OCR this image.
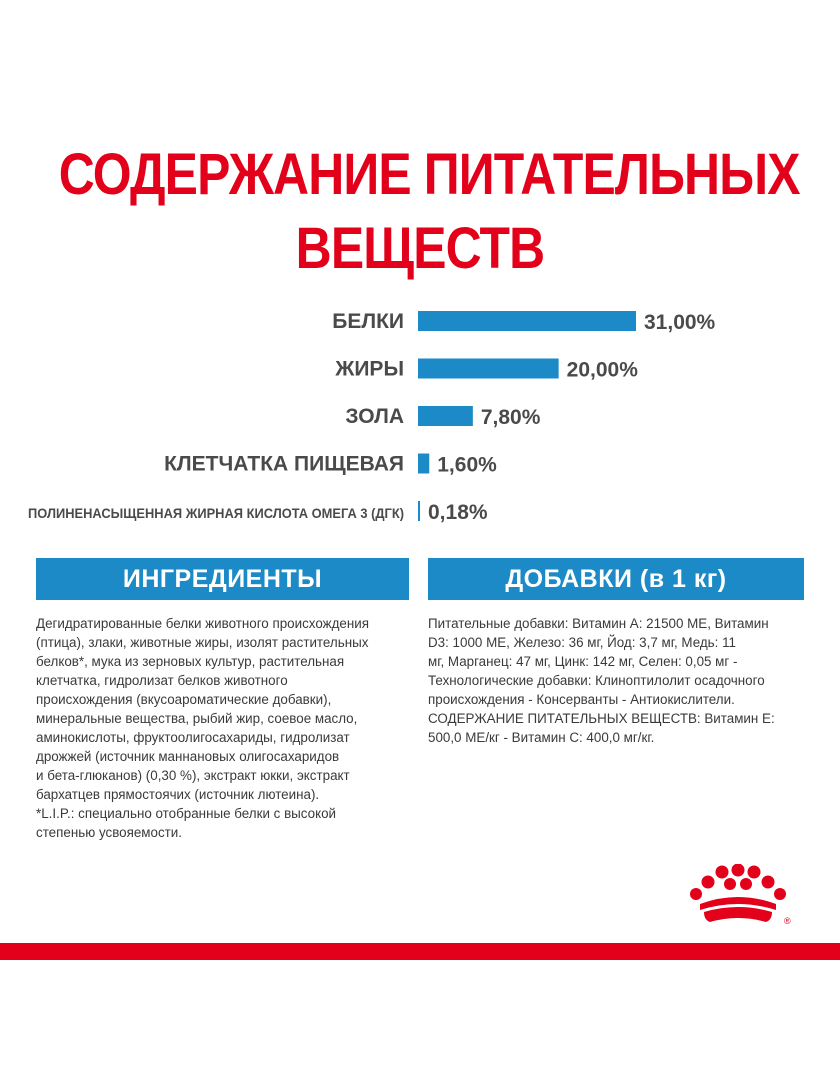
СОДЕРЖАНИЕ ПИТАТЕЛЬНЫХ
ВЕЩЕСТВ
БЕЛКИ	31,00%
ЖИРЫ	20,00%
ЗОЛА	7,80%
КЛЕТЧАТКА ПИЩЕВАЯ 1,60%
ПОЛИНЕНАСЫЩЕННАЯ ЖИРНАЯ КИСЛОТА ОМЕГА 3 (ДГК) 0,18%
ИНГРЕДИЕНТЫ	ДОБАВКИ (в 1 кг)
Дегидратированные белки животного происхождения
(птица), злаки, животные жиры, изолят растительных
белков*, мука из зерновых культур, растительная
клетчатка, гидролизат белков животного
происхождения (вкусоароматические добавки),
минеральные вещества, рыбий жир, соевое масло,
аминокислоты, фруктоолигосахариды, гидролизат
дрожжей (источник маннановых олигосахаридов
и бета-глюканов) (0,30 %), экстракт юкки, экстракт
бархатцев прямостоячих (источник лютеина).
*L.I.P.: специально отобранные белки с высокой
степенью усвояемости.
Питательные добавки: Витамин А: 21500 МЕ, Витамин
D3: 1000 МЕ, Железо: 36 мг, Йод: 3,7 мг, Медь: 11
мг, Марганец: 47 мг, Цинк: 142 мг, Селен: 0,05 мг -
Технологические добавки: Клиноптилолит осадочного
происхождения - Консерванты - Антиокислители.
СОДЕРЖАНИЕ ПИТАТЕЛЬНЫХ ВЕЩЕСТВ: Витамин Е:
500,0 МЕ/кг - Витамин С: 400,0 мг/кг.
®
